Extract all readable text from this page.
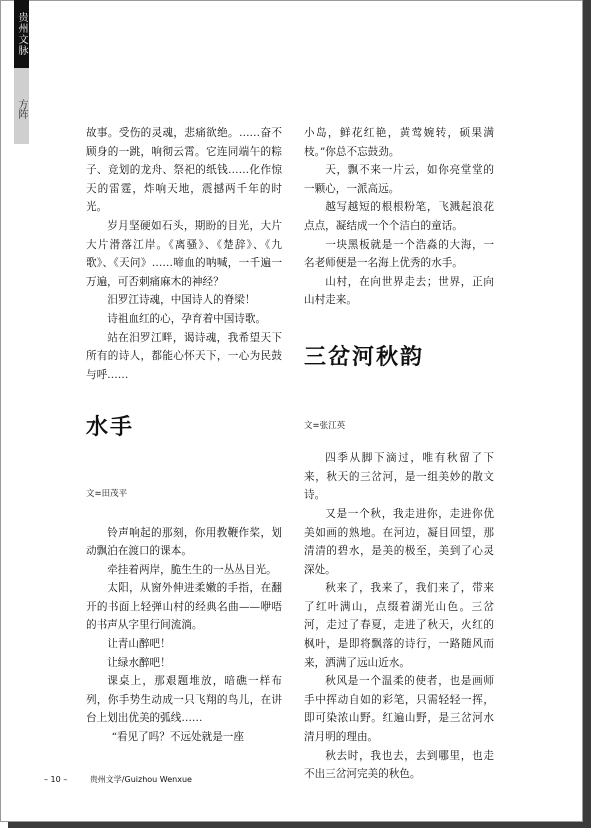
贵州文脉
方阵

故事。受伤的灵魂，悲痛欲绝。……奋不顾身的一跳，响彻云霄。它连同端午的粽子、竞划的龙舟、祭祀的纸钱……化作惊天的雷霆，炸响天地，震撼两千年的时光。

岁月坚硬如石头，期盼的目光，大片大片滑落江岸。《离骚》、《楚辞》、《九歌》、《天问》……啼血的呐喊，一千遍一万遍，可否刺痛麻木的神经？

汨罗江诗魂，中国诗人的脊梁！

诗祖血红的心，孕育着中国诗歌。

站在汨罗江畔，谒诗魂，我希望天下所有的诗人，都能心怀天下，一心为民鼓与呼……

水手

文=田茂平

铃声响起的那刻，你用教鞭作桨，划动飘泊在渡口的课本。

牵挂着两岸，脆生生的一丛丛目光。

太阳，从窗外伸进柔嫩的手指，在翻开的书面上轻弹山村的经典名曲——咿唔的书声从字里行间流淌。

让青山醉吧！

让绿水醉吧！

课桌上，那艰题堆放，暗礁一样布列，你手势生动成一只飞翔的鸟儿，在讲台上划出优美的弧线……

“看见了吗？不远处就是一座

小岛，鲜花红艳，黄莺婉转，硕果满枝。”你总不忘鼓劲。

天，飘不来一片云，如你亮堂堂的一颗心，一派高远。

越写越短的根根粉笔，飞溅起浪花点点，凝结成一个个洁白的童话。

一块黑板就是一个浩淼的大海，一名老师便是一名海上优秀的水手。

山村，在向世界走去；世界，正向山村走来。

三岔河秋韵

文=张江英

四季从脚下滴过，唯有秋留了下来，秋天的三岔河，是一组美妙的散文诗。

又是一个秋，我走进你，走进你优美如画的熟地。在河边，凝目回望，那清清的碧水，是美的极至，美到了心灵深处。

秋来了，我来了，我们来了，带来了红叶满山，点缀着湖光山色。三岔河，走过了春夏，走进了秋天，火红的枫叶，是即将飘落的诗行，一路随风而来，洒满了远山近水。

秋风是一个温柔的使者，也是画师手中挥动自如的彩笔，只需轻轻一挥，即可染浓山野。红遍山野，是三岔河水清月明的理由。

秋去时，我也去，去到哪里，也走不出三岔河完美的秋色。

– 10 –	贵州文学/Guizhou Wenxue
